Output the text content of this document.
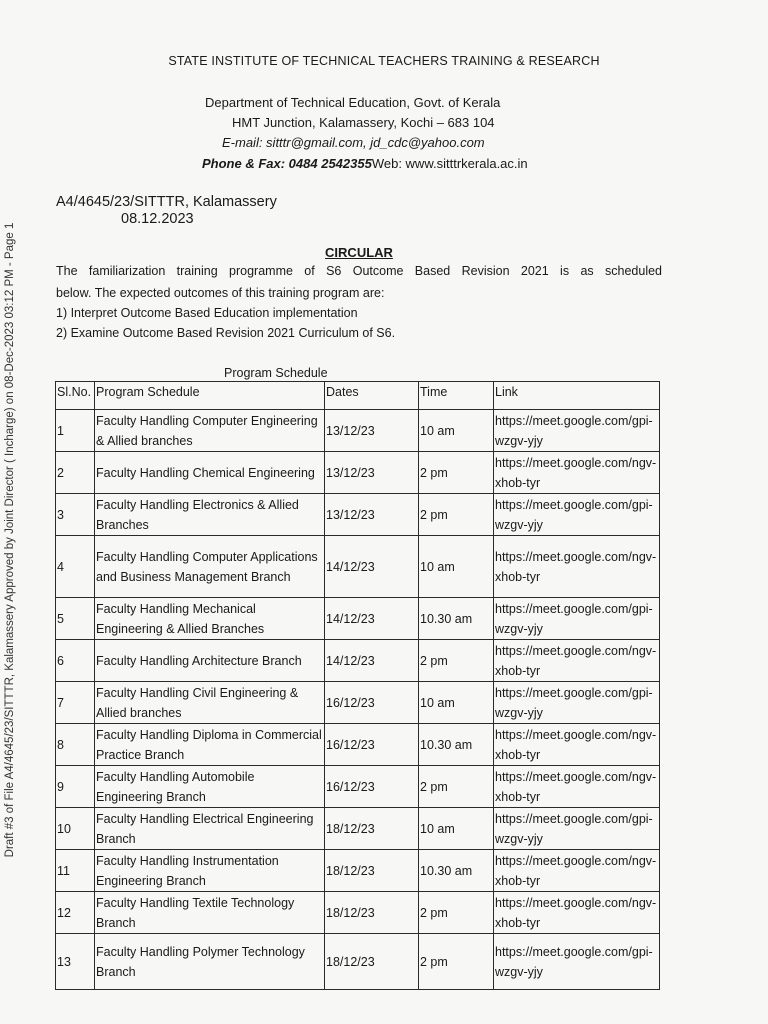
Draft #3 of File A4/4645/23/SITTTR, Kalamassery Approved by Joint Director ( Incharge) on 08-Dec-2023 03:12 PM - Page 1
STATE INSTITUTE OF TECHNICAL TEACHERS TRAINING & RESEARCH
Department of Technical Education, Govt. of Kerala
HMT Junction, Kalamassery, Kochi – 683 104
E-mail: sitttr@gmail.com, jd_cdc@yahoo.com
Phone & Fax: 0484 2542355Web: www.sitttrkerala.ac.in
A4/4645/23/SITTTR, Kalamassery
08.12.2023
CIRCULAR
The familiarization training programme of S6 Outcome Based Revision 2021 is as scheduled
below. The expected outcomes of this training program are:
1) Interpret Outcome Based Education implementation
2) Examine Outcome Based Revision 2021 Curriculum of S6.
Program Schedule
Sl.No.	Program Schedule	Dates	Time	Link
1	Faculty Handling Computer Engineering & Allied branches	13/12/23	10 am	https://meet.google.com/gpi-wzgv-yjy
2	Faculty Handling Chemical Engineering	13/12/23	2 pm	https://meet.google.com/ngv-xhob-tyr
3	Faculty Handling Electronics & Allied Branches	13/12/23	2 pm	https://meet.google.com/gpi-wzgv-yjy
4	Faculty Handling Computer Applications and Business Management Branch	14/12/23	10 am	https://meet.google.com/ngv-xhob-tyr
5	Faculty Handling Mechanical Engineering & Allied Branches	14/12/23	10.30 am	https://meet.google.com/gpi-wzgv-yjy
6	Faculty Handling Architecture Branch	14/12/23	2 pm	https://meet.google.com/ngv-xhob-tyr
7	Faculty Handling Civil Engineering & Allied branches	16/12/23	10 am	https://meet.google.com/gpi-wzgv-yjy
8	Faculty Handling Diploma in Commercial Practice Branch	16/12/23	10.30 am	https://meet.google.com/ngv-xhob-tyr
9	Faculty Handling Automobile Engineering Branch	16/12/23	2 pm	https://meet.google.com/ngv-xhob-tyr
10	Faculty Handling Electrical Engineering Branch	18/12/23	10 am	https://meet.google.com/gpi-wzgv-yjy
11	Faculty Handling Instrumentation Engineering Branch	18/12/23	10.30 am	https://meet.google.com/ngv-xhob-tyr
12	Faculty Handling Textile Technology Branch	18/12/23	2 pm	https://meet.google.com/ngv-xhob-tyr
13	Faculty Handling Polymer Technology Branch	18/12/23	2 pm	https://meet.google.com/gpi-wzgv-yjy
